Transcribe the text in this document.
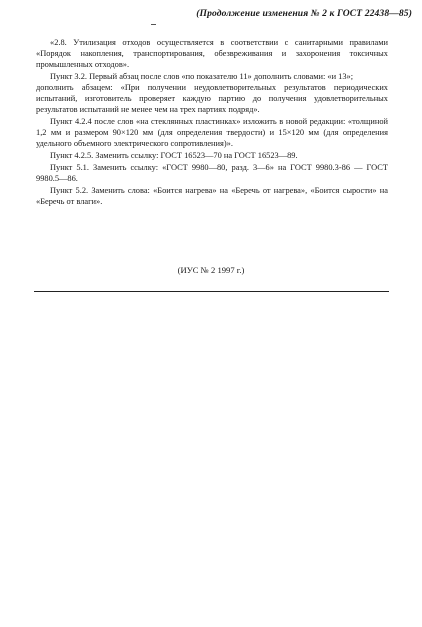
(Продолжение изменения № 2 к ГОСТ 22438—85)

«2.8. Утилизация отходов осуществляется в соответствии с санитарными правилами «Порядок накопления, транспортирования, обезвреживания и захоронения токсичных промышленных отходов».

Пункт 3.2. Первый абзац после слов «по показателю 11» дополнить словами: «и 13»;

дополнить абзацем: «При получении неудовлетворительных результатов периодических испытаний, изготовитель проверяет каждую партию до получения удовлетворительных результатов испытаний не менее чем на трех партиях подряд».

Пункт 4.2.4 после слов «на стеклянных пластинках» изложить в новой редакции: «толщиной 1,2 мм и размером 90×120 мм (для определения твердости) и 15×120 мм (для определения удельного объемного электрического сопротивления)».

Пункт 4.2.5. Заменить ссылку: ГОСТ 16523—70 на ГОСТ 16523—89.

Пункт 5.1. Заменить ссылку: «ГОСТ 9980—80, разд. 3—6» на ГОСТ 9980.3-86 — ГОСТ 9980.5—86.

Пункт 5.2. Заменить слова: «Боится нагрева» на «Беречь от нагрева», «Боится сырости» на «Беречь от влаги».

(ИУС № 2 1997 г.)
